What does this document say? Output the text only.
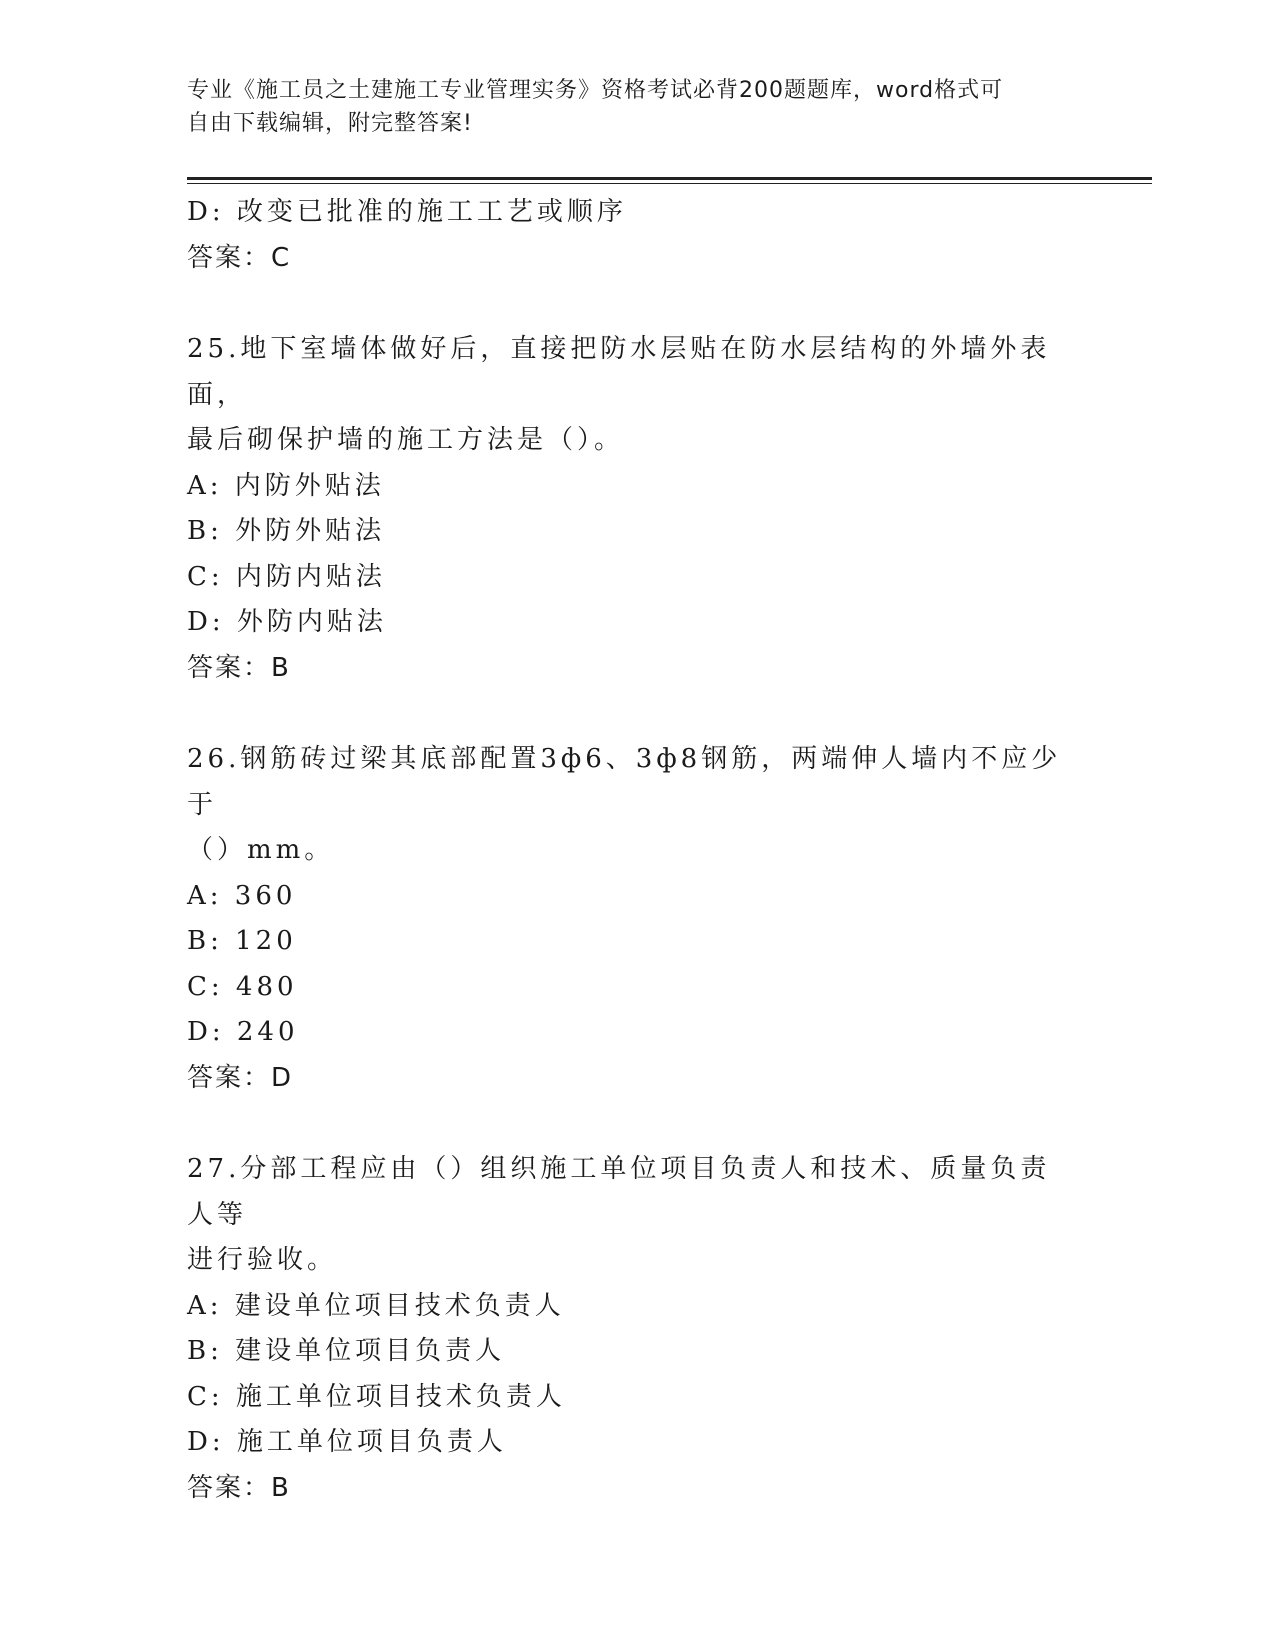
专业《施工员之土建施工专业管理实务》资格考试必背200题题库，word格式可
自由下载编辑，附完整答案!
D: 改变已批准的施工工艺或顺序
答案：C
25.地下室墙体做好后，直接把防水层贴在防水层结构的外墙外表面，
最后砌保护墙的施工方法是（）。
A: 内防外贴法
B: 外防外贴法
C: 内防内贴法
D: 外防内贴法
答案：B
26.钢筋砖过梁其底部配置3ф6、3ф8钢筋，两端伸人墙内不应少于
（）mm。
A: 360
B: 120
C: 480
D: 240
答案：D
27.分部工程应由（）组织施工单位项目负责人和技术、质量负责人等
进行验收。
A: 建设单位项目技术负责人
B: 建设单位项目负责人
C: 施工单位项目技术负责人
D: 施工单位项目负责人
答案：B
